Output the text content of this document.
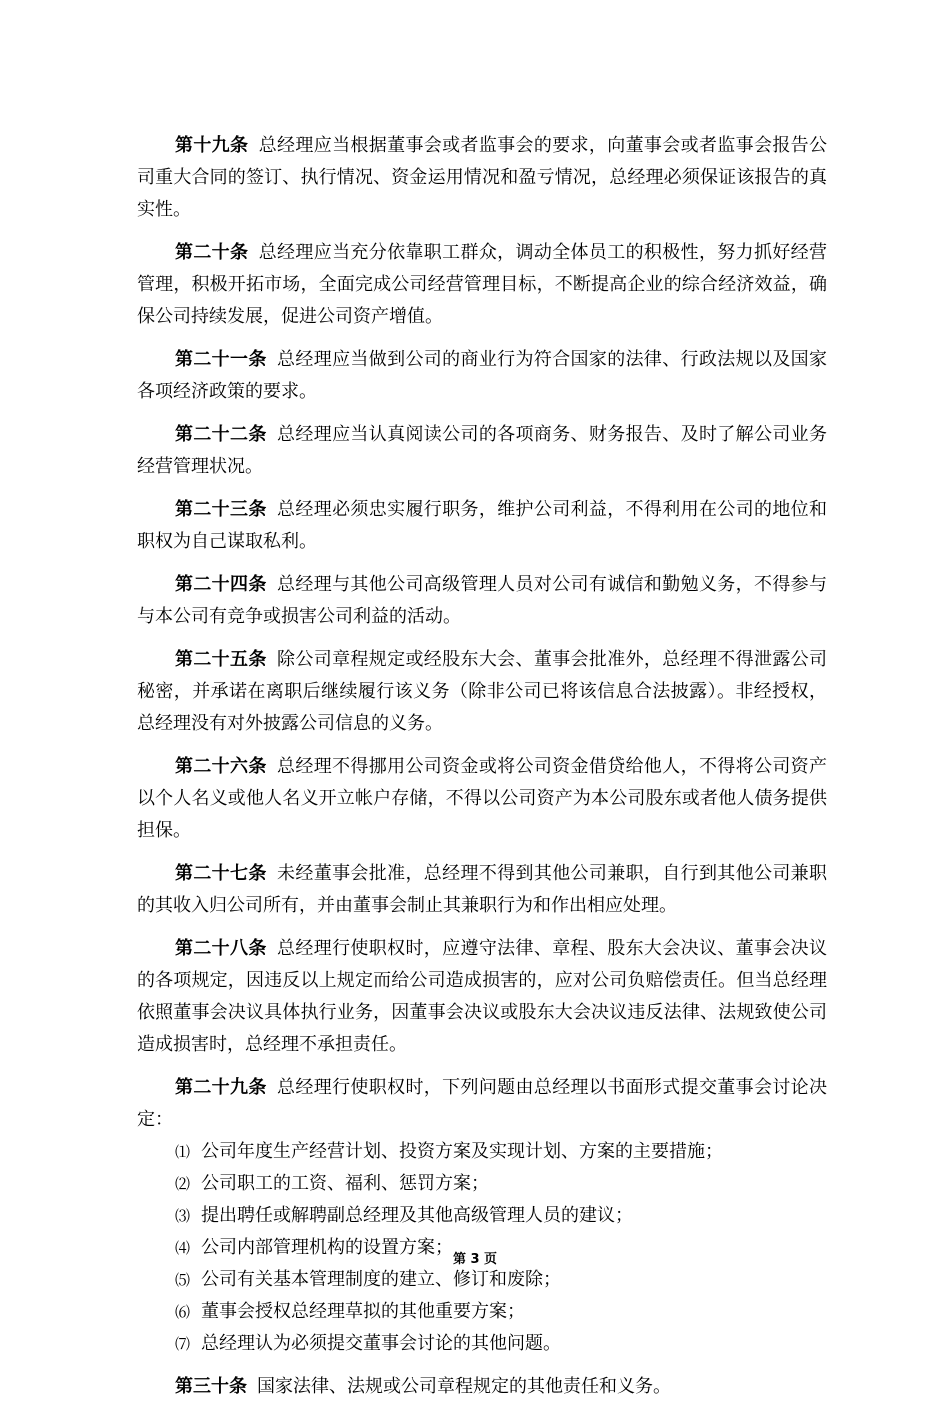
第十九条 总经理应当根据董事会或者监事会的要求，向董事会或者监事会报告公司重大合同的签订、执行情况、资金运用情况和盈亏情况，总经理必须保证该报告的真实性。

第二十条 总经理应当充分依靠职工群众，调动全体员工的积极性，努力抓好经营管理，积极开拓市场，全面完成公司经营管理目标，不断提高企业的综合经济效益，确保公司持续发展，促进公司资产增值。

第二十一条 总经理应当做到公司的商业行为符合国家的法律、行政法规以及国家各项经济政策的要求。

第二十二条 总经理应当认真阅读公司的各项商务、财务报告、及时了解公司业务经营管理状况。

第二十三条 总经理必须忠实履行职务，维护公司利益，不得利用在公司的地位和职权为自己谋取私利。

第二十四条 总经理与其他公司高级管理人员对公司有诚信和勤勉义务，不得参与与本公司有竞争或损害公司利益的活动。

第二十五条 除公司章程规定或经股东大会、董事会批准外，总经理不得泄露公司秘密，并承诺在离职后继续履行该义务（除非公司已将该信息合法披露）。非经授权，总经理没有对外披露公司信息的义务。

第二十六条 总经理不得挪用公司资金或将公司资金借贷给他人，不得将公司资产以个人名义或他人名义开立帐户存储，不得以公司资产为本公司股东或者他人债务提供担保。

第二十七条 未经董事会批准，总经理不得到其他公司兼职，自行到其他公司兼职的其收入归公司所有，并由董事会制止其兼职行为和作出相应处理。

第二十八条 总经理行使职权时，应遵守法律、章程、股东大会决议、董事会决议的各项规定，因违反以上规定而给公司造成损害的，应对公司负赔偿责任。但当总经理依照董事会决议具体执行业务，因董事会决议或股东大会决议违反法律、法规致使公司造成损害时，总经理不承担责任。

第二十九条 总经理行使职权时，下列问题由总经理以书面形式提交董事会讨论决定：

⑴ 公司年度生产经营计划、投资方案及实现计划、方案的主要措施；
⑵ 公司职工的工资、福利、惩罚方案；
⑶ 提出聘任或解聘副总经理及其他高级管理人员的建议；
⑷ 公司内部管理机构的设置方案；
⑸ 公司有关基本管理制度的建立、修订和废除；
⑹ 董事会授权总经理草拟的其他重要方案；
⑺ 总经理认为必须提交董事会讨论的其他问题。

第三十条 国家法律、法规或公司章程规定的其他责任和义务。

第 3 页
